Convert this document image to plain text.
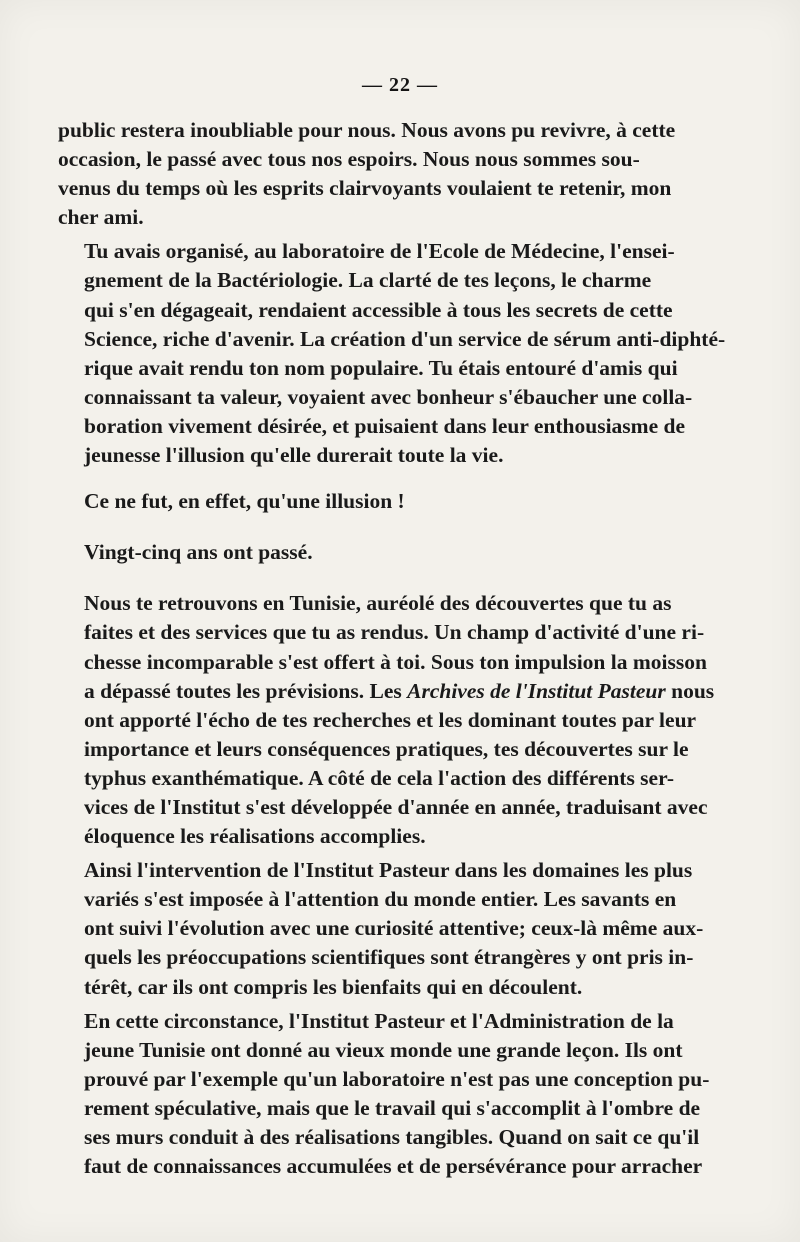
— 22 —

public restera inoubliable pour nous. Nous avons pu revivre, à cette
occasion, le passé avec tous nos espoirs. Nous nous sommes sou-
venus du temps où les esprits clairvoyants voulaient te retenir, mon
cher ami.

Tu avais organisé, au laboratoire de l'Ecole de Médecine, l'ensei-
gnement de la Bactériologie. La clarté de tes leçons, le charme
qui s'en dégageait, rendaient accessible à tous les secrets de cette
Science, riche d'avenir. La création d'un service de sérum anti-diphté-
rique avait rendu ton nom populaire. Tu étais entouré d'amis qui
connaissant ta valeur, voyaient avec bonheur s'ébaucher une colla-
boration vivement désirée, et puisaient dans leur enthousiasme de
jeunesse l'illusion qu'elle durerait toute la vie.

Ce ne fut, en effet, qu'une illusion !

Vingt-cinq ans ont passé.

Nous te retrouvons en Tunisie, auréolé des découvertes que tu as
faites et des services que tu as rendus. Un champ d'activité d'une ri-
chesse incomparable s'est offert à toi. Sous ton impulsion la moisson
a dépassé toutes les prévisions. Les Archives de l'Institut Pasteur nous
ont apporté l'écho de tes recherches et les dominant toutes par leur
importance et leurs conséquences pratiques, tes découvertes sur le
typhus exanthématique. A côté de cela l'action des différents ser-
vices de l'Institut s'est développée d'année en année, traduisant avec
éloquence les réalisations accomplies.

Ainsi l'intervention de l'Institut Pasteur dans les domaines les plus
variés s'est imposée à l'attention du monde entier. Les savants en
ont suivi l'évolution avec une curiosité attentive; ceux-là même aux-
quels les préoccupations scientifiques sont étrangères y ont pris in-
térêt, car ils ont compris les bienfaits qui en découlent.

En cette circonstance, l'Institut Pasteur et l'Administration de la
jeune Tunisie ont donné au vieux monde une grande leçon. Ils ont
prouvé par l'exemple qu'un laboratoire n'est pas une conception pu-
rement spéculative, mais que le travail qui s'accomplit à l'ombre de
ses murs conduit à des réalisations tangibles. Quand on sait ce qu'il
faut de connaissances accumulées et de persévérance pour arracher
